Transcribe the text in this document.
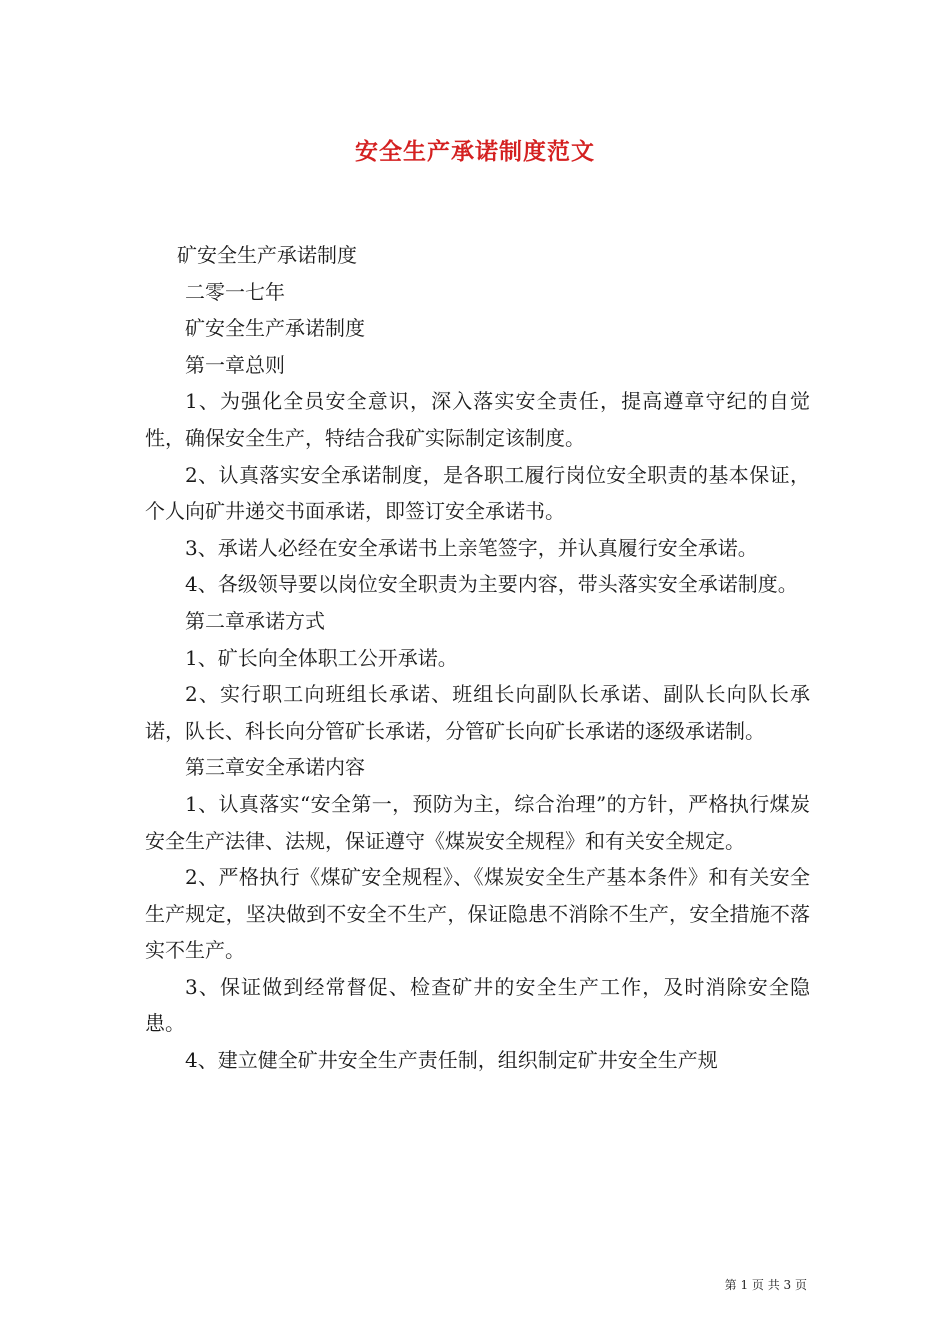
安全生产承诺制度范文

矿安全生产承诺制度

二零一七年

矿安全生产承诺制度

第一章总则

1、为强化全员安全意识，深入落实安全责任，提高遵章守纪的自觉性，确保安全生产，特结合我矿实际制定该制度。

2、认真落实安全承诺制度，是各职工履行岗位安全职责的基本保证，个人向矿井递交书面承诺，即签订安全承诺书。

3、承诺人必经在安全承诺书上亲笔签字，并认真履行安全承诺。

4、各级领导要以岗位安全职责为主要内容，带头落实安全承诺制度。

第二章承诺方式

1、矿长向全体职工公开承诺。

2、实行职工向班组长承诺、班组长向副队长承诺、副队长向队长承诺，队长、科长向分管矿长承诺，分管矿长向矿长承诺的逐级承诺制。

第三章安全承诺内容

1、认真落实“安全第一，预防为主，综合治理”的方针，严格执行煤炭安全生产法律、法规，保证遵守《煤炭安全规程》和有关安全规定。

2、严格执行《煤矿安全规程》、《煤炭安全生产基本条件》和有关安全生产规定，坚决做到不安全不生产，保证隐患不消除不生产，安全措施不落实不生产。

3、保证做到经常督促、检查矿井的安全生产工作，及时消除安全隐患。

4、建立健全矿井安全生产责任制，组织制定矿井安全生产规

第 1 页 共 3 页
